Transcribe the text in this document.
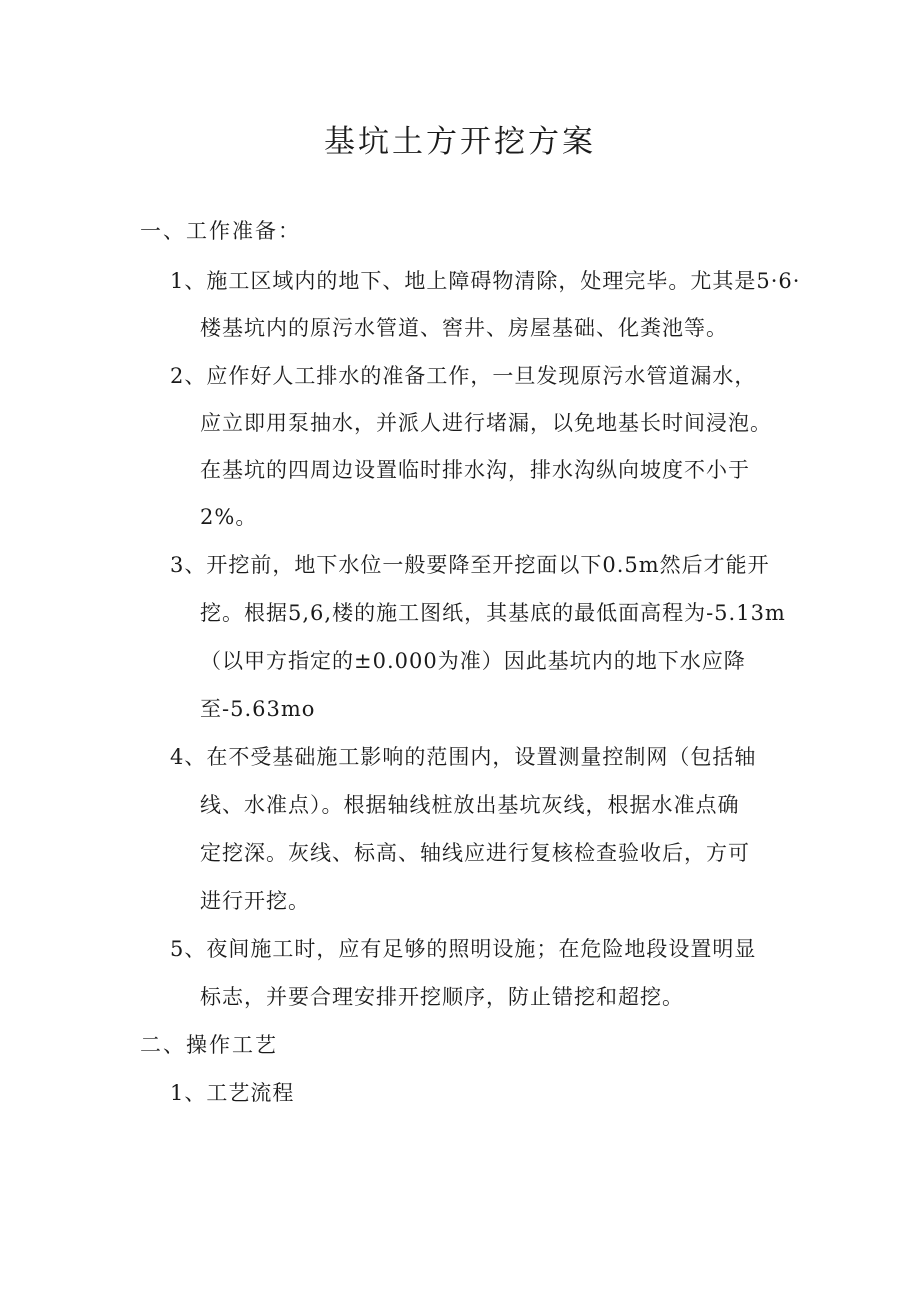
基坑土方开挖方案

一、工作准备：

1、施工区域内的地下、地上障碍物清除，处理完毕。尤其是5·6·

楼基坑内的原污水管道、窖井、房屋基础、化粪池等。

2、应作好人工排水的准备工作，一旦发现原污水管道漏水，

应立即用泵抽水，并派人进行堵漏，以免地基长时间浸泡。

在基坑的四周边设置临时排水沟，排水沟纵向坡度不小于

2%。

3、开挖前，地下水位一般要降至开挖面以下0.5m然后才能开

挖。根据5,6,楼的施工图纸，其基底的最低面高程为-5.13m

（以甲方指定的±0.000为准）因此基坑内的地下水应降

至-5.63mo

4、在不受基础施工影响的范围内，设置测量控制网（包括轴

线、水准点）。根据轴线桩放出基坑灰线，根据水准点确

定挖深。灰线、标高、轴线应进行复核检查验收后，方可

进行开挖。

5、夜间施工时，应有足够的照明设施；在危险地段设置明显

标志，并要合理安排开挖顺序，防止错挖和超挖。

二、操作工艺

1、工艺流程
